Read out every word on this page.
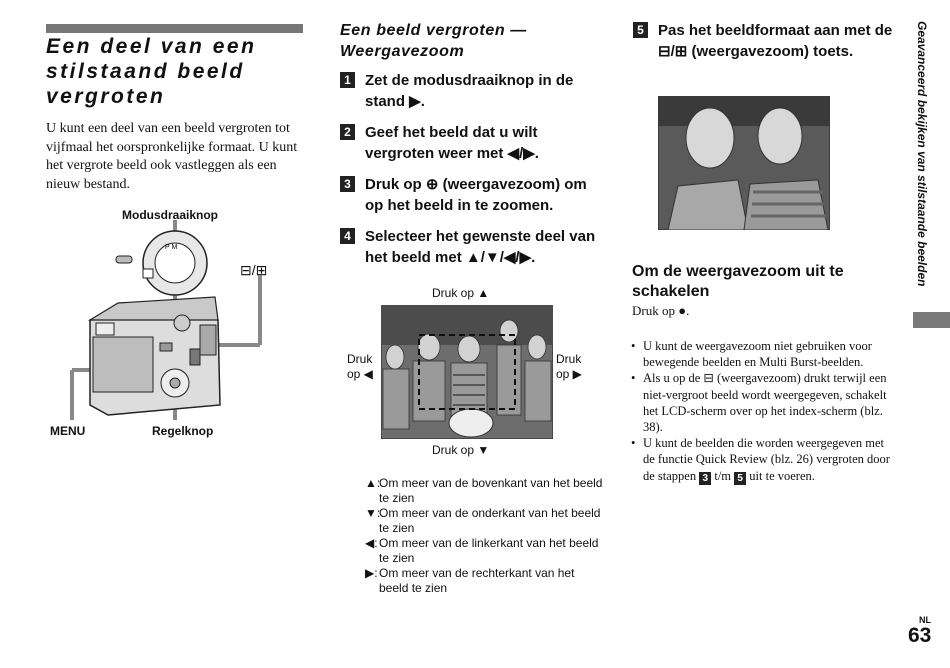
Een deel van een stilstaand beeld vergroten

U kunt een deel van een beeld vergroten tot vijfmaal het oorspronkelijke formaat. U kunt het vergrote beeld ook vastleggen als een nieuw bestand.

Modusdraaiknop
⊟/⊞
MENU	Regelknop
P M
Een beeld vergroten — Weergavezoom
1 Zet de modusdraaiknop in de stand ▶.
2 Geef het beeld dat u wilt vergroten weer met ◀/▶.
3 Druk op ⊕ (weergavezoom) om op het beeld in te zoomen.
4 Selecteer het gewenste deel van het beeld met ▲/▼/◀/▶.
Druk op ▲
Druk
op ◀
Druk
op ▶
Druk op ▼
▲:
Om meer van de bovenkant van het beeld te zien
▼:
Om meer van de onderkant van het beeld te zien
◀: Om meer van de linkerkant van het beeld te zien
▶: Om meer van de rechterkant van het beeld te zien
5 Pas het beeldformaat aan met de ⊟/⊞ (weergavezoom) toets.
Om de weergavezoom uit te schakelen
Druk op ●.
• U kunt de weergavezoom niet gebruiken voor bewegende beelden en Multi Burst-beelden.
• Als u op de ⊟ (weergavezoom) drukt terwijl een niet-vergroot beeld wordt weergegeven, schakelt het LCD-scherm over op het index-scherm (blz. 38).
• U kunt de beelden die worden weergegeven met de functie Quick Review (blz. 26) vergroten door de stappen 3 t/m 5 uit te voeren.
Geavanceerd bekijken van stilstaande beelden
NL
63
